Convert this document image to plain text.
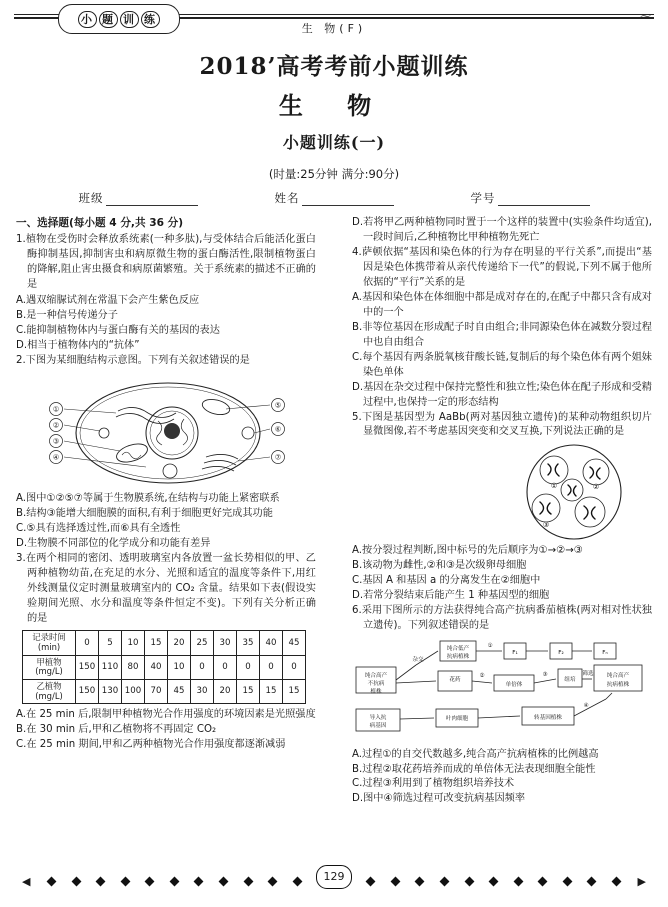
〜
小 题 训 练
生 物(F)
2018’高考考前小题训练
生 物
小题训练(一)
(时量:25分钟 满分:90分)
班级	姓名	学号
一、选择题(每小题 4 分,共 36 分)
1.植物在受伤时会释放系统素(一种多肽),与受体结合后能活化蛋白酶抑制基因,抑制害虫和病原微生物的蛋白酶活性,限制植物蛋白的降解,阻止害虫摄食和病原菌繁殖。关于系统素的描述不正确的是
A.遇双缩脲试剂在常温下会产生紫色反应
B.是一种信号传递分子
C.能抑制植物体内与蛋白酶有关的基因的表达
D.相当于植物体内的“抗体”
2.下图为某细胞结构示意图。下列有关叙述错误的是
①
②
③
④
⑤
⑥
⑦
A.图中①②⑤⑦等属于生物膜系统,在结构与功能上紧密联系
B.结构③能增大细胞膜的面积,有利于细胞更好完成其功能
C.⑤具有选择透过性,而⑥具有全透性
D.生物膜不同部位的化学成分和功能有差异
3.在两个相同的密闭、透明玻璃室内各放置一盆长势相似的甲、乙两种植物幼苗,在充足的水分、光照和适宜的温度等条件下,用红外线测量仪定时测量玻璃室内的 CO₂ 含量。结果如下表(假设实验期间光照、水分和温度等条件恒定不变)。下列有关分析正确的是
记录时间(min)	0	5	10	15	20	25	30	35	40	45
甲植物(mg/L)	150	110	80	40	10	0	0	0	0	0
乙植物(mg/L)	150	130	100	70	45	30	20	15	15	15
A.在 25 min 后,限制甲种植物光合作用强度的环境因素是光照强度
B.在 30 min 后,甲和乙植物将不再固定 CO₂
C.在 25 min 期间,甲和乙两种植物光合作用强度都逐渐减弱
D.若将甲乙两种植物同时置于一个这样的装置中(实验条件均适宜),一段时间后,乙种植物比甲种植物先死亡
4.萨顿依据“基因和染色体的行为存在明显的平行关系”,而提出“基因是染色体携带着从亲代传递给下一代”的假说,下列不属于他所依据的“平行”关系的是
A.基因和染色体在体细胞中都是成对存在的,在配子中都只含有成对中的一个
B.非等位基因在形成配子时自由组合;非同源染色体在减数分裂过程中也自由组合
C.每个基因有两条脱氧核苷酸长链,复制后的每个染色体有两个姐妹染色单体
D.基因在杂交过程中保持完整性和独立性;染色体在配子形成和受精过程中,也保持一定的形态结构
5.下图是基因型为 AaBb(两对基因独立遗传)的某种动物组织切片显微图像,若不考虑基因突变和交叉互换,下列说法正确的是
①	②
③
A.按分裂过程判断,图中标号的先后顺序为①→②→③
B.该动物为雌性,②和③是次级卵母细胞
C.基因 A 和基因 a 的分离发生在②细胞中
D.若常分裂结束后能产生 1 种基因型的细胞
6.采用下图所示的方法获得纯合高产抗病番茄植株(两对相对性状独立遗传)。下列叙述错误的是
纯合高产
不抗病
植株
纯合低产
抗病植株
F₁	F₂	Fₙ
花药
单倍体
组培
纯合高产
抗病植株
导入抗
病基因
叶肉细胞	转基因植株
杂交
①
②	③	筛选
④
A.过程①的自交代数越多,纯合高产抗病植株的比例越高
B.过程②取花药培养而成的单倍体无法表现细胞全能性
C.过程③利用到了植物组织培养技术
D.图中④筛选过程可改变抗病基因频率
◀	▶
129
